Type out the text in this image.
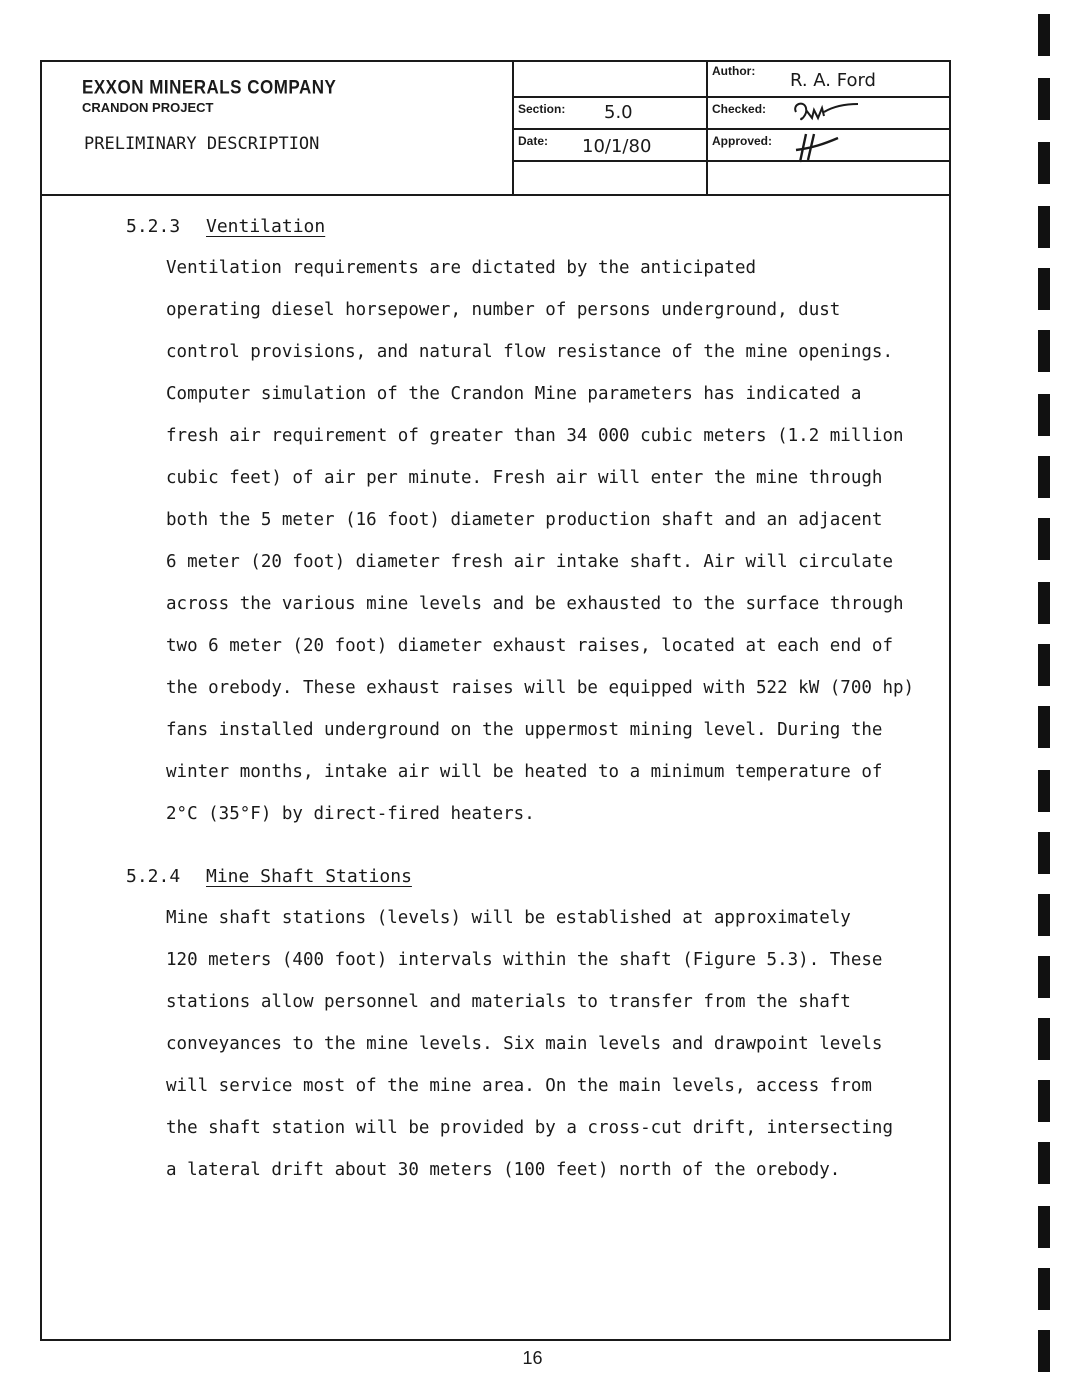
EXXON MINERALS COMPANY
CRANDON PROJECT
PRELIMINARY DESCRIPTION
Author: R. A. Ford
Section: 5.0	Checked:
Date: 10/1/80	Approved:
5.2.3 Ventilation
Ventilation requirements are dictated by the anticipated
operating diesel horsepower, number of persons underground, dust
control provisions, and natural flow resistance of the mine openings.
Computer simulation of the Crandon Mine parameters has indicated a
fresh air requirement of greater than 34 000 cubic meters (1.2 million
cubic feet) of air per minute. Fresh air will enter the mine through
both the 5 meter (16 foot) diameter production shaft and an adjacent
6 meter (20 foot) diameter fresh air intake shaft. Air will circulate
across the various mine levels and be exhausted to the surface through
two 6 meter (20 foot) diameter exhaust raises, located at each end of
the orebody. These exhaust raises will be equipped with 522 kW (700 hp)
fans installed underground on the uppermost mining level. During the
winter months, intake air will be heated to a minimum temperature of
2°C (35°F) by direct-fired heaters.
5.2.4 Mine Shaft Stations
Mine shaft stations (levels) will be established at approximately
120 meters (400 foot) intervals within the shaft (Figure 5.3). These
stations allow personnel and materials to transfer from the shaft
conveyances to the mine levels. Six main levels and drawpoint levels
will service most of the mine area. On the main levels, access from
the shaft station will be provided by a cross-cut drift, intersecting
a lateral drift about 30 meters (100 feet) north of the orebody.
16
